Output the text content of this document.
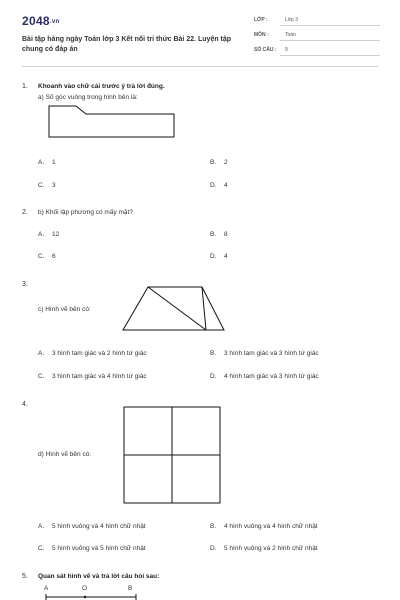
2048.vn
Bài tập hàng ngày Toán lớp 3 Kết nối tri thức Bài 22. Luyện tập chung có đáp án
LỚP :	Lớp 3
MÔN :	Toán
SỐ CÂU : 9
1. Khoanh vào chữ cái trước ý trả lời đúng.
a) Số góc vuông trong hình bên là:
A. 1	B. 2
C. 3	D. 4
2. b) Khối lập phương có mấy mặt?
A. 12	B. 8
C. 6	D. 4
3.
c) Hình vẽ bên có:
A. 3 hình tam giác và 2 hình tứ giác	B. 3 hình tam giác và 3 hình tứ giác
C. 3 hình tam giác và 4 hình tứ giác	D. 4 hình tam giác và 3 hình tứ giác
4.
d) Hình vẽ bên có:
A. 5 hình vuông và 4 hình chữ nhật	B. 4 hình vuông và 4 hình chữ nhật
C. 5 hình vuông và 5 hình chữ nhật	D. 5 hình vuông và 2 hình chữ nhật
5. Quan sát hình vẽ và trả lời câu hỏi sau:
A	O	B
